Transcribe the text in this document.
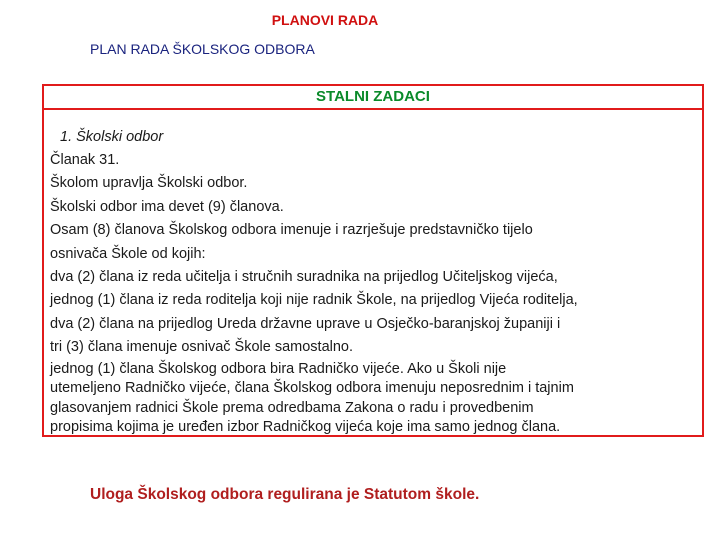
PLANOVI RADA
PLAN RADA ŠKOLSKOG ODBORA
STALNI ZADACI
1. Školski odbor
Članak 31.
Školom upravlja Školski odbor.
Školski odbor ima devet (9) članova.
Osam (8) članova Školskog odbora imenuje i razrješuje predstavničko tijelo
osnivača Škole od kojih:
dva (2) člana iz reda učitelja i stručnih suradnika na prijedlog Učiteljskog vijeća,
jednog (1) člana iz reda roditelja koji nije radnik Škole, na prijedlog Vijeća roditelja,
dva (2) člana na prijedlog Ureda državne uprave u Osječko-baranjskoj županiji i
tri (3) člana imenuje osnivač Škole samostalno.
jednog (1) člana Školskog odbora bira Radničko vijeće. Ako u Školi nije
utemeljeno Radničko vijeće, člana Školskog odbora imenuju neposrednim i tajnim
glasovanjem radnici Škole prema odredbama Zakona o radu i provedbenim
propisima kojima je uređen izbor Radničkog vijeća koje ima samo jednog člana.
Uloga Školskog odbora regulirana je Statutom škole.
